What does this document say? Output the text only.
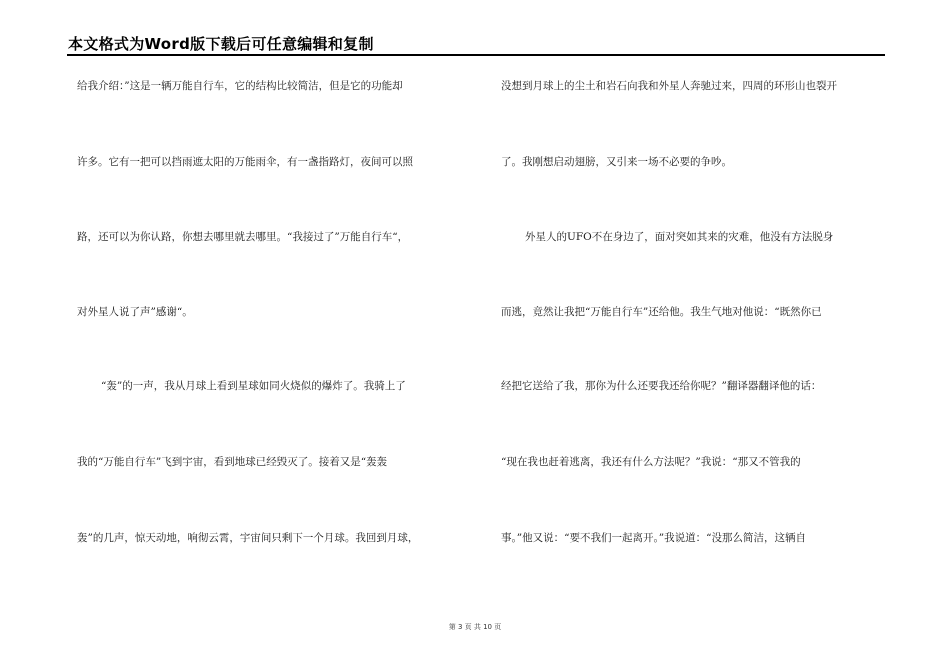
本文格式为Word版下载后可任意编辑和复制
给我介绍：”这是一辆万能自行车，它的结构比较简洁，但是它的功能却
许多。它有一把可以挡雨遮太阳的万能雨伞，有一盏指路灯，夜间可以照
路，还可以为你认路，你想去哪里就去哪里。“我接过了”万能自行车“，
对外星人说了声”感谢“。
“轰”的一声，我从月球上看到星球如同火烧似的爆炸了。我骑上了
我的“万能自行车”飞到宇宙，看到地球已经毁灭了。接着又是“轰轰
轰”的几声，惊天动地，响彻云霄，宇宙间只剩下一个月球。我回到月球，
没想到月球上的尘土和岩石向我和外星人奔驰过来，四周的环形山也裂开
了。我刚想启动翅膀，又引来一场不必要的争吵。
外星人的UFO不在身边了，面对突如其来的灾难，他没有方法脱身
而逃，竟然让我把“万能自行车”还给他。我生气地对他说：“既然你已
经把它送给了我，那你为什么还要我还给你呢？”翻译器翻译他的话：
“现在我也赶着逃离，我还有什么方法呢？”我说：“那又不管我的
事。”他又说：“要不我们一起离开。”我说道：“没那么简洁，这辆自
第 3 页 共 10 页
